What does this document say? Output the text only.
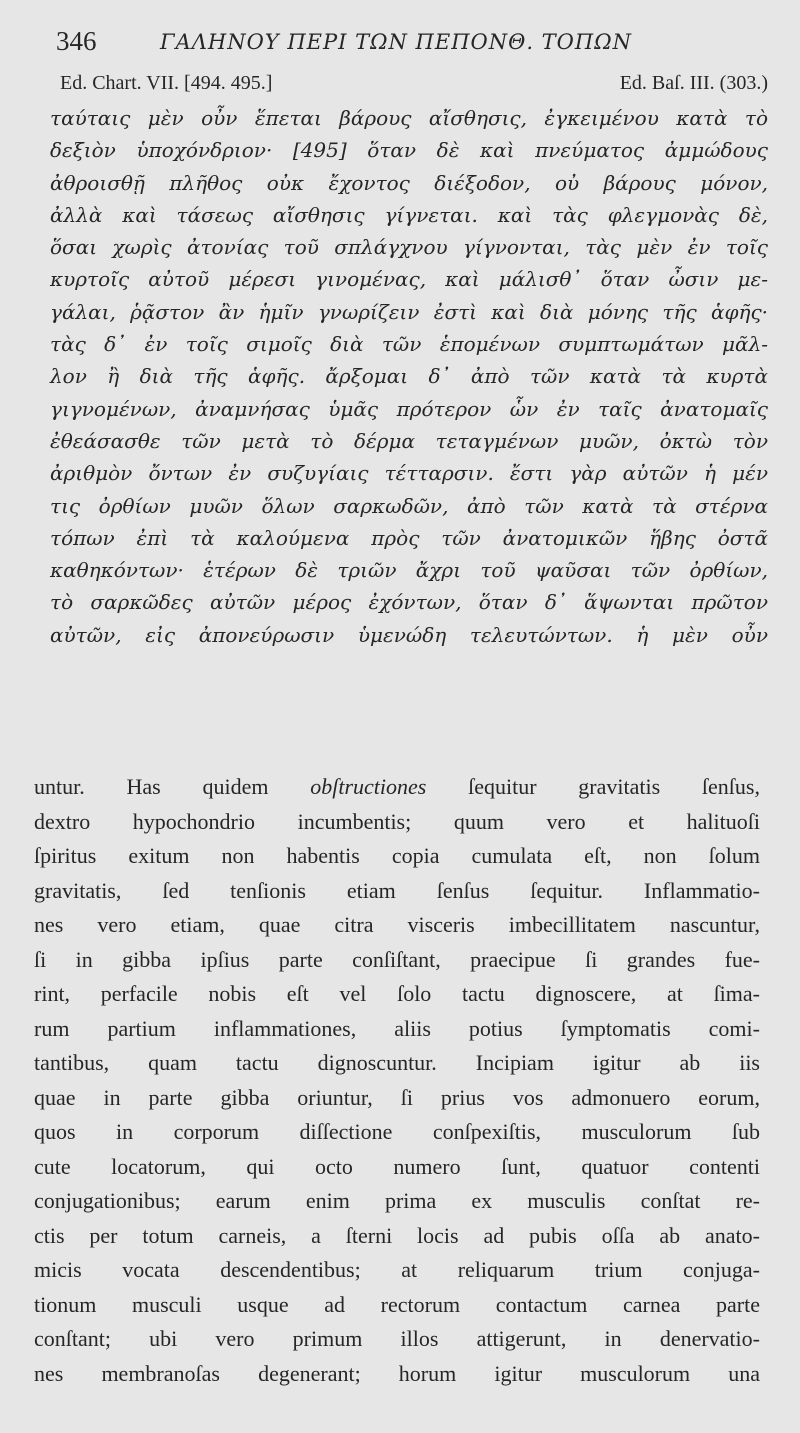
346	ΓΑΛΗΝΟΥ ΠΕΡΙ ΤΩΝ ΠΕΠΟΝΘ. ΤΟΠΩΝ
Ed. Chart. VII. [494. 495.]	Ed. Baſ. III. (303.)
ταύταις μὲν οὖν ἕπεται βάρους αἴσθησις, ἐγκειμένου κατὰ τὸ
δεξιὸν ὑποχόνδριον· [495] ὅταν δὲ καὶ πνεύματος ἀμμώδους
ἀθροισθῇ πλῆθος οὐκ ἔχοντος διέξοδον, οὐ βάρους μόνον,
ἀλλὰ καὶ τάσεως αἴσθησις γίγνεται. καὶ τὰς φλεγμονὰς δὲ,
ὅσαι χωρὶς ἀτονίας τοῦ σπλάγχνου γίγνονται, τὰς μὲν ἐν τοῖς
κυρτοῖς αὐτοῦ μέρεσι γινομένας, καὶ μάλισθ᾽ ὅταν ὦσιν με-
γάλαι, ῥᾷστον ἂν ἡμῖν γνωρίζειν ἐστὶ καὶ διὰ μόνης τῆς ἁφῆς·
τὰς δ᾽ ἐν τοῖς σιμοῖς διὰ τῶν ἑπομένων συμπτωμάτων μᾶλ-
λον ἢ διὰ τῆς ἁφῆς. ἄρξομαι δ᾽ ἀπὸ τῶν κατὰ τὰ κυρτὰ
γιγνομένων, ἀναμνήσας ὑμᾶς πρότερον ὧν ἐν ταῖς ἀνατομαῖς
ἐθεάσασθε τῶν μετὰ τὸ δέρμα τεταγμένων μυῶν, ὀκτὼ τὸν
ἀριθμὸν ὄντων ἐν συζυγίαις τέτταρσιν. ἔστι γὰρ αὐτῶν ἡ μέν
τις ὀρθίων μυῶν ὅλων σαρκωδῶν, ἀπὸ τῶν κατὰ τὰ στέρνα
τόπων ἐπὶ τὰ καλούμενα πρὸς τῶν ἀνατομικῶν ἥβης ὀστᾶ
καθηκόντων· ἑτέρων δὲ τριῶν ἄχρι τοῦ ψαῦσαι τῶν ὀρθίων,
τὸ σαρκῶδες αὐτῶν μέρος ἐχόντων, ὅταν δ᾽ ἅψωνται πρῶτον
αὐτῶν, εἰς ἀπονεύρωσιν ὑμενώδη τελευτώντων. ἡ μὲν οὖν
untur. Has quidem obſtructiones ſequitur gravitatis ſenſus,
dextro hypochondrio incumbentis; quum vero et halituoſi
ſpiritus exitum non habentis copia cumulata eſt, non ſolum
gravitatis, ſed tenſionis etiam ſenſus ſequitur. Inflammatio-
nes vero etiam, quae citra visceris imbecillitatem nascuntur,
ſi in gibba ipſius parte conſiſtant, praecipue ſi grandes fue-
rint, perfacile nobis eſt vel ſolo tactu dignoscere, at ſima-
rum partium inflammationes, aliis potius ſymptomatis comi-
tantibus, quam tactu dignoscuntur. Incipiam igitur ab iis
quae in parte gibba oriuntur, ſi prius vos admonuero eorum,
quos in corporum diſſectione conſpexiſtis, musculorum ſub
cute locatorum, qui octo numero ſunt, quatuor contenti
conjugationibus; earum enim prima ex musculis conſtat re-
ctis per totum carneis, a ſterni locis ad pubis oſſa ab anato-
micis vocata descendentibus; at reliquarum trium conjuga-
tionum musculi usque ad rectorum contactum carnea parte
conſtant; ubi vero primum illos attigerunt, in denervatio-
nes membranoſas degenerant; horum igitur musculorum una
